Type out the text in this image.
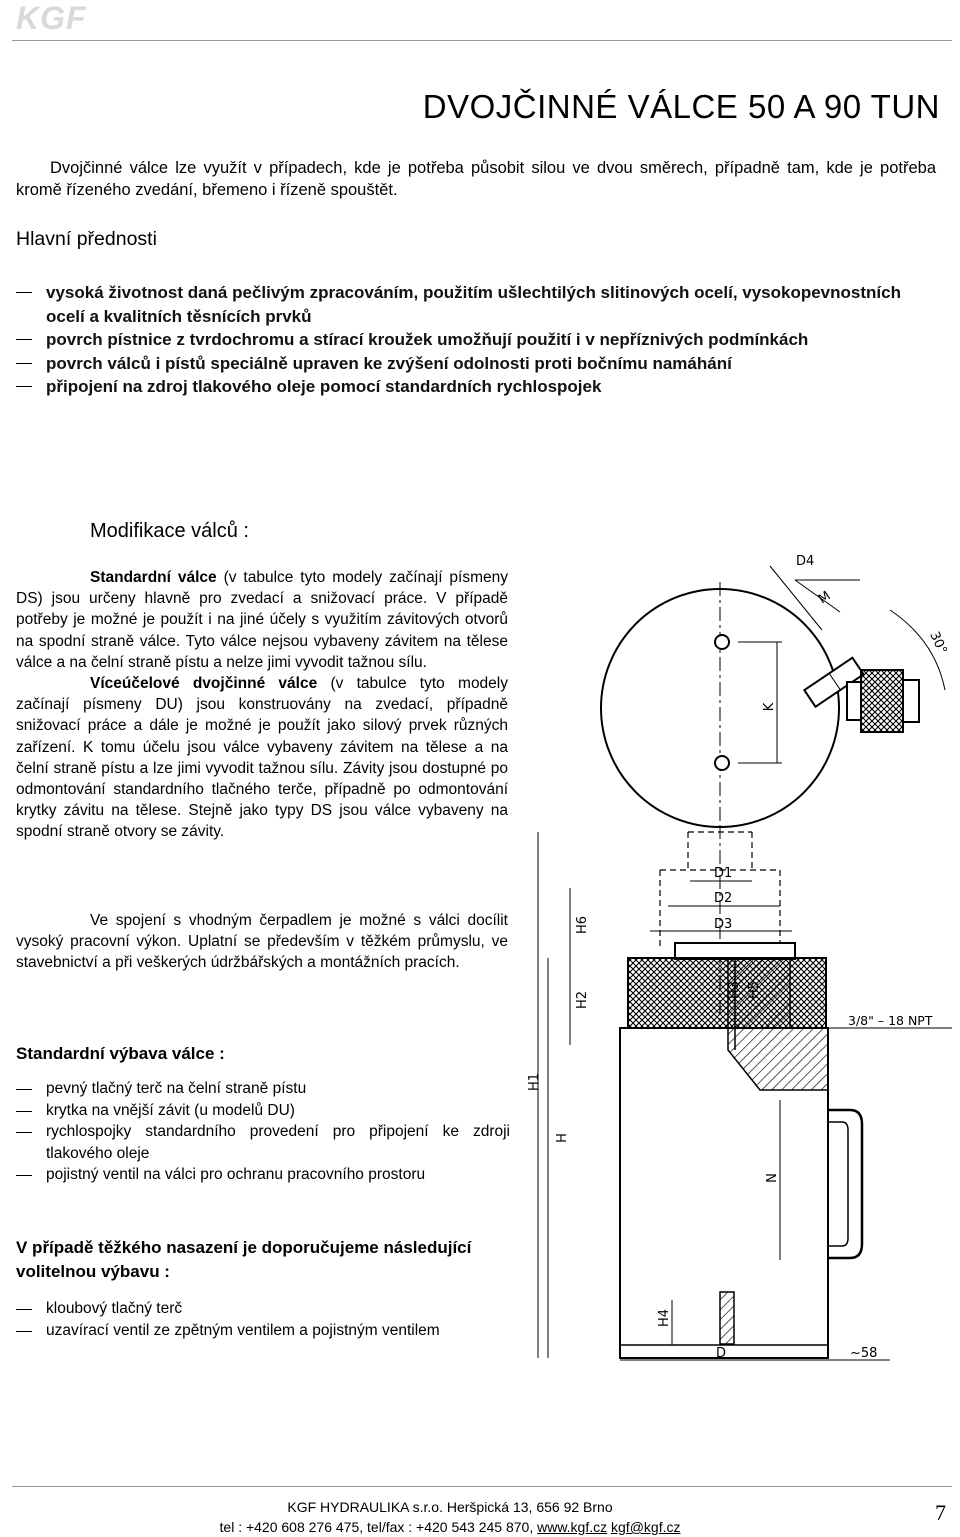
KGF
DVOJČINNÉ VÁLCE 50 A 90 TUN

Dvojčinné válce lze využít v případech, kde je potřeba působit silou ve dvou směrech, případně tam, kde je potřeba kromě řízeného zvedání, břemeno i řízeně spouštět.

Hlavní přednosti
vysoká životnost daná pečlivým zpracováním, použitím ušlechtilých slitinových ocelí, vysokopevnostních ocelí a kvalitních těsnících prvků
povrch pístnice z tvrdochromu a stírací kroužek umožňují použití i v nepříznivých podmínkách
povrch válců i pístů speciálně upraven ke zvýšení odolnosti proti bočnímu namáhání
připojení na zdroj tlakového oleje pomocí standardních rychlospojek
Modifikace válců :

Standardní válce (v tabulce tyto modely začínají písmeny DS) jsou určeny hlavně pro zvedací a snižovací práce. V případě potřeby je možné je použít i na jiné účely s využitím závitových otvorů na spodní straně válce. Tyto válce nejsou vybaveny závitem na tělese válce a na čelní straně pístu a nelze jimi vyvodit tažnou sílu.
Víceúčelové dvojčinné válce (v tabulce tyto modely začínají písmeny DU) jsou konstruovány na zvedací, případně snižovací práce a dále je možné je použít jako silový prvek různých zařízení. K tomu účelu jsou válce vybaveny závitem na tělese a na čelní straně pístu a lze jimi vyvodit tažnou sílu. Závity jsou dostupné po odmontování standardního tlačného terče, případně po odmontování krytky závitu na tělese. Stejně jako typy DS jsou válce vybaveny na spodní straně otvory se závity.

Ve spojení s vhodným čerpadlem je možné s válci docílit vysoký pracovní výkon. Uplatní se především v těžkém průmyslu, ve stavebnictví a při veškerých údržbářských a montážních pracích.

Standardní výbava válce :
pevný tlačný terč na čelní straně pístu
krytka na vnější závit (u modelů DU)
rychlospojky standardního provedení pro připojení ke zdroji tlakového oleje
pojistný ventil na válci pro ochranu pracovního prostoru
V případě těžkého nasazení je doporučujeme následující volitelnou výbavu :
kloubový tlačný terč
uzavírací ventil ze zpětným ventilem a pojistným ventilem
K
D4
M
30°
D1
D2
D3
H6
H2
H3 H5
3/8" – 18 NPT
H1
H
N
H4
D	~58
KGF HYDRAULIKA s.r.o. Heršpická 13, 656 92 Brno
tel : +420 608 276 475, tel/fax : +420 543 245 870, www.kgf.cz kgf@kgf.cz
7
